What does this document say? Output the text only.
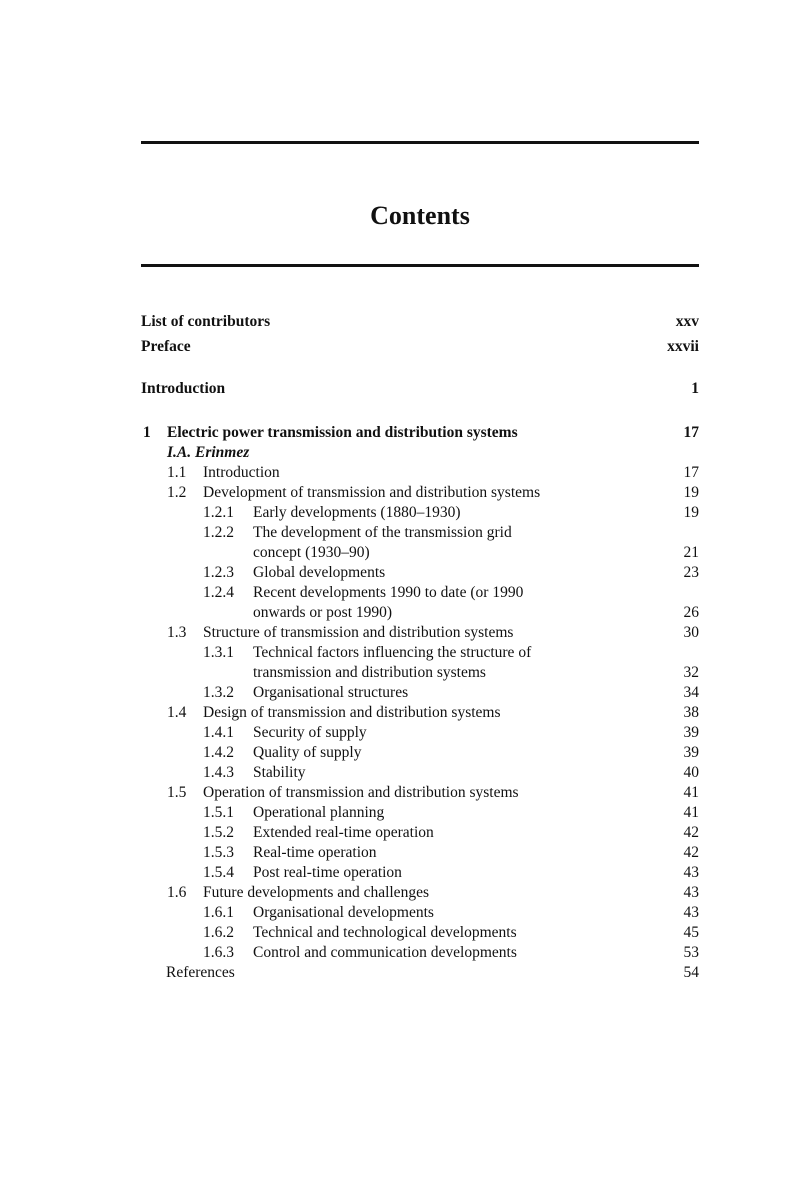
Contents
List of contributors	xxv
Preface	xxvii
Introduction	1
1 Electric power transmission and distribution systems	17
I.A. Erinmez
1.1 Introduction	17
1.2 Development of transmission and distribution systems	19
1.2.1 Early developments (1880–1930)	19
1.2.2 The development of the transmission grid
concept (1930–90)	21
1.2.3 Global developments	23
1.2.4 Recent developments 1990 to date (or 1990
onwards or post 1990)	26
1.3 Structure of transmission and distribution systems	30
1.3.1 Technical factors influencing the structure of
transmission and distribution systems	32
1.3.2 Organisational structures	34
1.4 Design of transmission and distribution systems	38
1.4.1 Security of supply	39
1.4.2 Quality of supply	39
1.4.3 Stability	40
1.5 Operation of transmission and distribution systems	41
1.5.1 Operational planning	41
1.5.2 Extended real-time operation	42
1.5.3 Real-time operation	42
1.5.4 Post real-time operation	43
1.6 Future developments and challenges	43
1.6.1 Organisational developments	43
1.6.2 Technical and technological developments	45
1.6.3 Control and communication developments	53
References	54
